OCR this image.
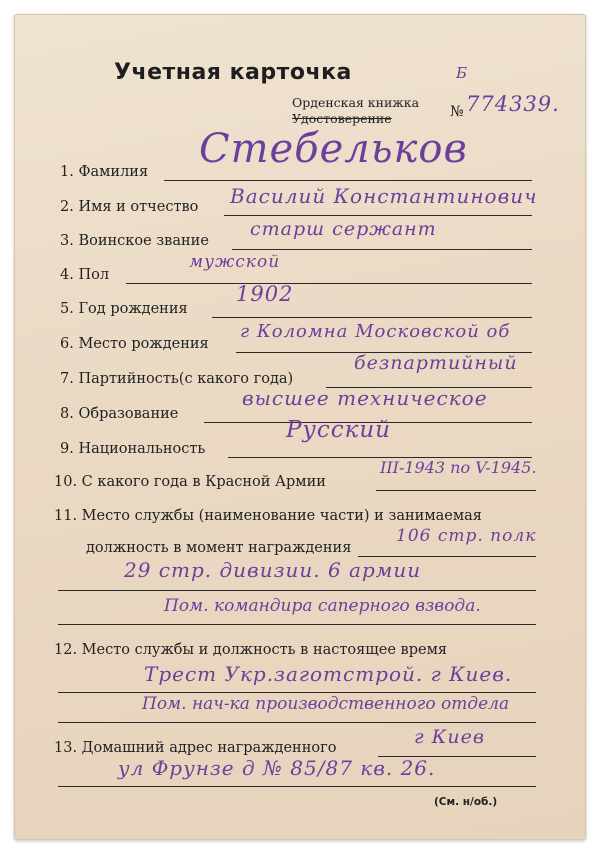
Учетная карточка
Орденская книжка
Удостоверение	№
Б
774339.
1. Фамилия Стебельков
2. Имя и отчество Василий Константинович
3. Воинское звание
старш сержант
4. Пол
мужской
5. Год рождения
1902
6. Место рождения
г Коломна Московской об
7. Партийность(с какого года)
безпартийный
8. Образование
высшее техническое
9. Национальность
Русский
10. С какого года в Красной Армии
III-1943 по V-1945.
11. Место службы (наименование части) и занимаемая
должность в момент награждения
106 стр. полк
29 стр. дивизии. 6 армии
Пом. командира саперного взвода.
12. Место службы и должность в настоящее время
Трест Укр.заготстрой. г Киев.
Пом. нач-ка производственного отдела
13. Домашний адрес награжденного	г Киев
ул Фрунзе д № 85/87 кв. 26.
(См. н/об.)
